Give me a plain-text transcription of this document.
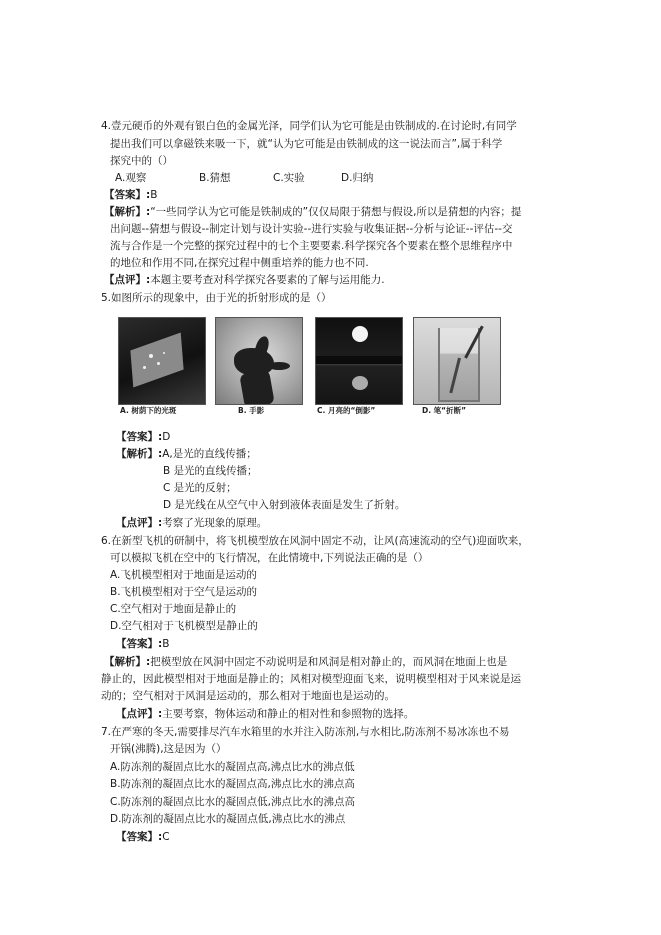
4.壹元硬币的外观有银白色的金属光泽，同学们认为它可能是由铁制成的.在讨论时,有同学
提出我们可以拿磁铁来吸一下，就“认为它可能是由铁制成的这一说法而言”,属于科学
探究中的（）
A.观察	B.猜想	C.实验	D.归纳
【答案】:B
【解析】:“一些同学认为它可能是铁制成的”仅仅局限于猜想与假设,所以是猜想的内容；提
出问题--猜想与假设--制定计划与设计实验--进行实验与收集证据--分析与论证--评估--交
流与合作是一个完整的探究过程中的七个主要要素.科学探究各个要素在整个思维程序中
的地位和作用不同,在探究过程中侧重培养的能力也不同.
【点评】:本题主要考查对科学探究各要素的了解与运用能力.
5.如图所示的现象中，由于光的折射形成的是（）
A. 树荫下的光斑	B. 手影	C. 月亮的“倒影”	D. 笔“折断”
【答案】:D
【解析】:A,是光的直线传播；
B 是光的直线传播；
C 是光的反射；
D 是光线在从空气中入射到液体表面是发生了折射。
【点评】:考察了光现象的原理。
6.在新型飞机的研制中，将飞机模型放在风洞中固定不动，让风(高速流动的空气)迎面吹来，
可以模拟飞机在空中的飞行情况，在此情境中,下列说法正确的是（）
A.飞机模型相对于地面是运动的
B.飞机模型相对于空气是运动的
C.空气相对于地面是静止的
D.空气相对于飞机模型是静止的
【答案】:B
【解析】:把模型放在风洞中固定不动说明是和风洞是相对静止的，而风洞在地面上也是
静止的，因此模型相对于地面是静止的；风相对模型迎面飞来，说明模型相对于风来说是运
动的；空气相对于风洞是运动的，那么相对于地面也是运动的。
【点评】:主要考察，物体运动和静止的相对性和参照物的选择。
7.在严寒的冬天,需要排尽汽车水箱里的水并注入防冻剂,与水相比,防冻剂不易冰冻也不易
开锅(沸腾),这是因为（）
A.防冻剂的凝固点比水的凝固点高,沸点比水的沸点低
B.防冻剂的凝固点比水的凝固点高,沸点比水的沸点高
C.防冻剂的凝固点比水的凝固点低,沸点比水的沸点高
D.防冻剂的凝固点比水的凝固点低,沸点比水的沸点
【答案】:C
